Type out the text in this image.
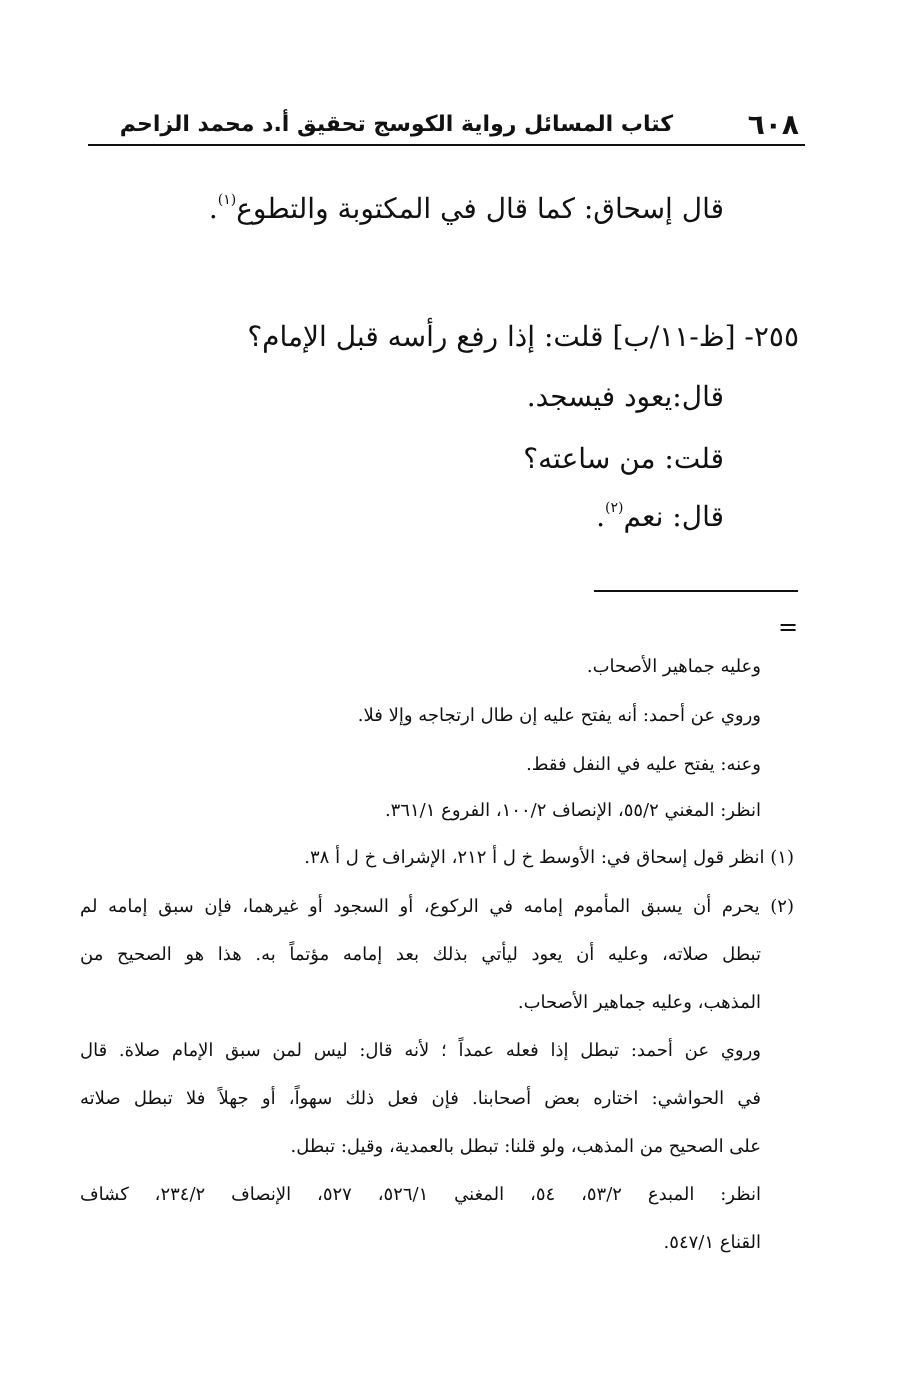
٦٠٨
كتاب المسائل رواية الكوسج تحقيق أ.د محمد الزاحم
قال إسحاق: كما قال في المكتوبة والتطوع$^{(١)}$.
٢٥٥- [ظ-١١/ب] قلت: إذا رفع رأسه قبل الإمام؟
قال:يعود فيسجد.
قلت: من ساعته؟
قال: نعم$^{(٢)}$.
=
وعليه جماهير الأصحاب.
وروي عن أحمد: أنه يفتح عليه إن طال ارتجاجه وإلا فلا.
وعنه: يفتح عليه في النفل فقط.
انظر: المغني ٥٥/٢، الإنصاف ١٠٠/٢، الفروع ٣٦١/١.
(١) انظر قول إسحاق في: الأوسط خ ل أ ٢١٢، الإشراف خ ل أ ٣٨.
(٢) يحرم أن يسبق المأموم إمامه في الركوع، أو السجود أو غيرهما، فإن سبق إمامه لم
تبطل صلاته، وعليه أن يعود ليأتي بذلك بعد إمامه مؤتماً به. هذا هو الصحيح من
المذهب، وعليه جماهير الأصحاب.
وروي عن أحمد: تبطل إذا فعله عمداً ؛ لأنه قال: ليس لمن سبق الإمام صلاة. قال
في الحواشي: اختاره بعض أصحابنا. فإن فعل ذلك سهواً، أو جهلاً فلا تبطل صلاته
على الصحيح من المذهب، ولو قلنا: تبطل بالعمدية، وقيل: تبطل.
انظر: المبدع ٥٣/٢، ٥٤، المغني ٥٢٦/١، ٥٢٧، الإنصاف ٢٣٤/٢، كشاف
القناع ٥٤٧/١.
